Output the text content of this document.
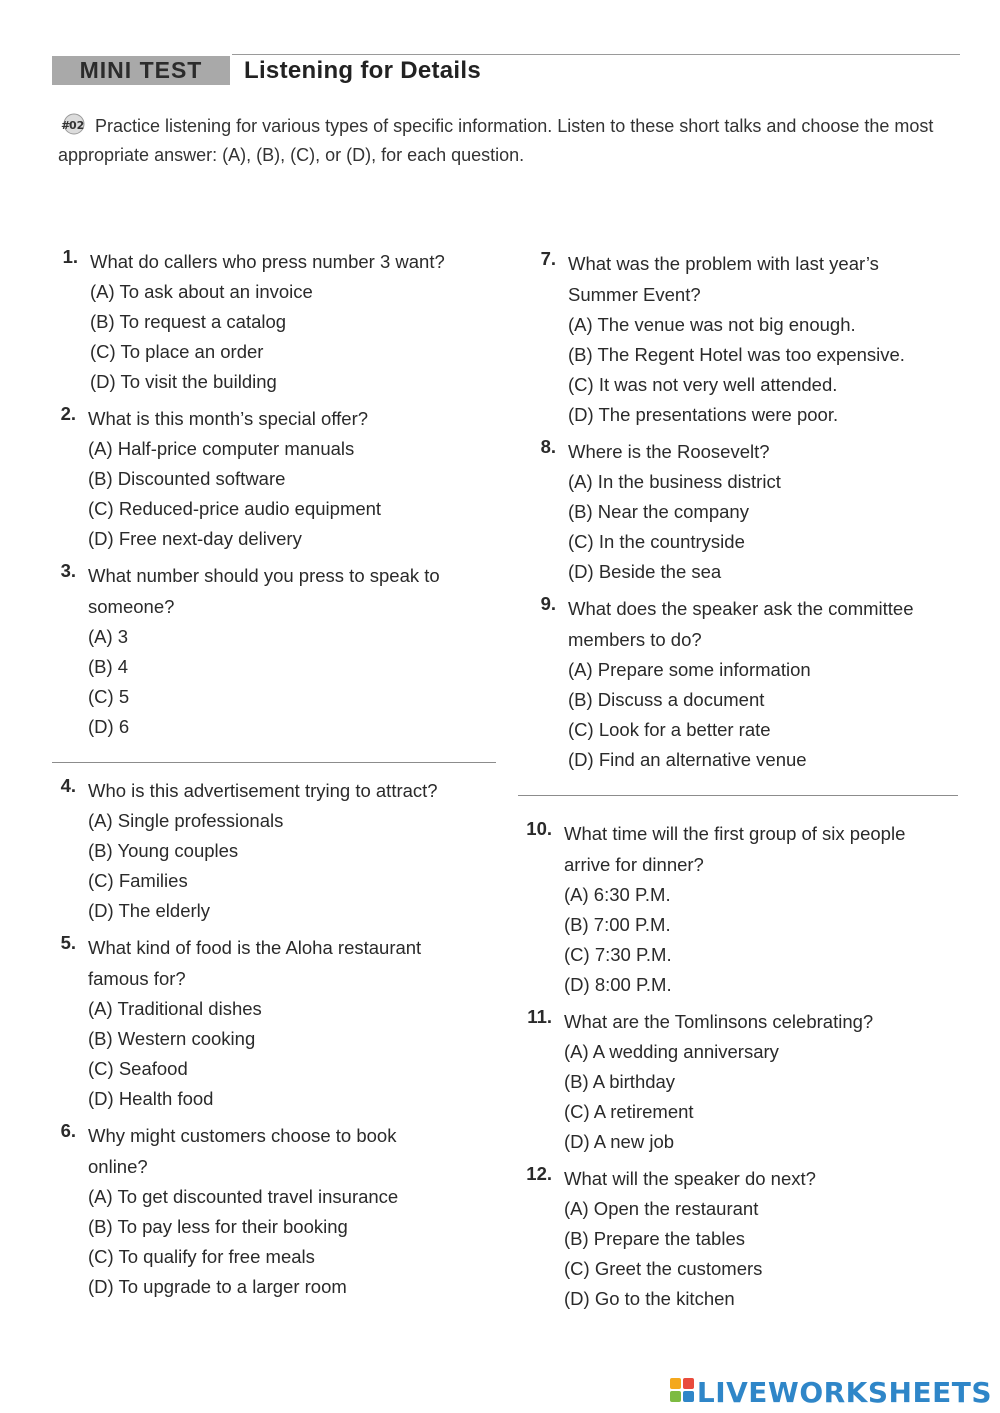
MINI TEST	Listening for Details
#
02 Practice listening for various types of specific information. Listen to these short talks and choose the most appropriate answer: (A), (B), (C), or (D), for each question.
1. What do callers who press number 3 want?
(A) To ask about an invoice
(B) To request a catalog
(C) To place an order
(D) To visit the building
2. What is this month’s special offer?
(A) Half-price computer manuals
(B) Discounted software
(C) Reduced-price audio equipment
(D) Free next-day delivery
3. What number should you press to speak to someone?
(A) 3
(B) 4
(C) 5
(D) 6
4. Who is this advertisement trying to attract?
(A) Single professionals
(B) Young couples
(C) Families
(D) The elderly
5. What kind of food is the Aloha restaurant famous for?
(A) Traditional dishes
(B) Western cooking
(C) Seafood
(D) Health food
6. Why might customers choose to book online?
(A) To get discounted travel insurance
(B) To pay less for their booking
(C) To qualify for free meals
(D) To upgrade to a larger room
7. What was the problem with last year’s Summer Event?
(A) The venue was not big enough.
(B) The Regent Hotel was too expensive.
(C) It was not very well attended.
(D) The presentations were poor.
8. Where is the Roosevelt?
(A) In the business district
(B) Near the company
(C) In the countryside
(D) Beside the sea
9. What does the speaker ask the committee members to do?
(A) Prepare some information
(B) Discuss a document
(C) Look for a better rate
(D) Find an alternative venue
10. What time will the first group of six people arrive for dinner?
(A) 6:30 P.M.
(B) 7:00 P.M.
(C) 7:30 P.M.
(D) 8:00 P.M.
11. What are the Tomlinsons celebrating?
(A) A wedding anniversary
(B) A birthday
(C) A retirement
(D) A new job
12. What will the speaker do next?
(A) Open the restaurant
(B) Prepare the tables
(C) Greet the customers
(D) Go to the kitchen
LIVEWORKSHEETS
